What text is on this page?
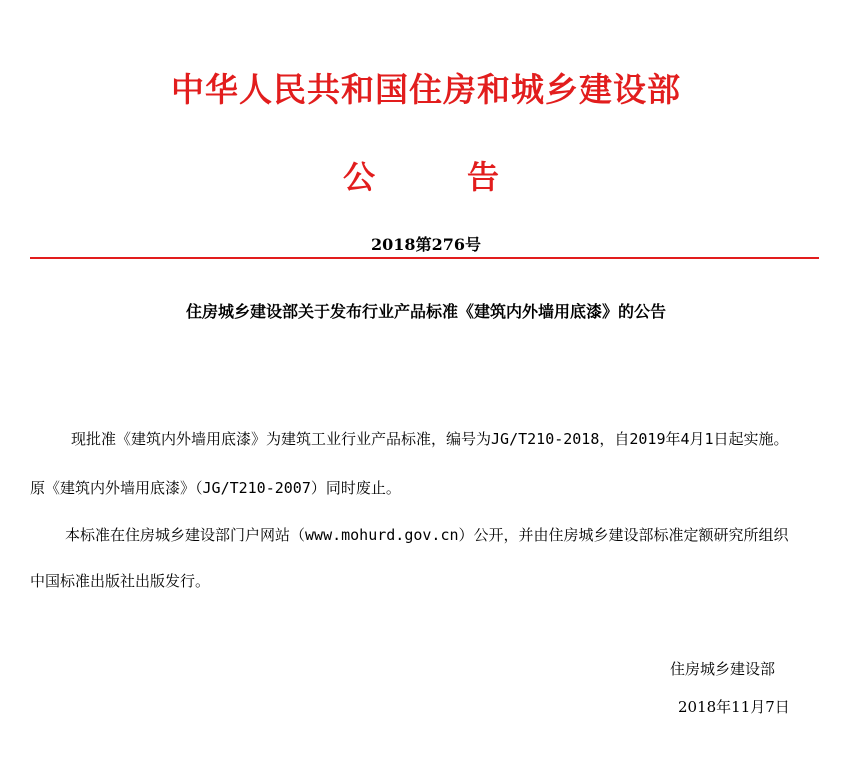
中华人民共和国住房和城乡建设部
公	告
2018第276号
住房城乡建设部关于发布行业产品标准《建筑内外墙用底漆》的公告
现批准《建筑内外墙用底漆》为建筑工业行业产品标准，编号为JG/T210-2018，自2019年4月1日起实施。
原《建筑内外墙用底漆》（JG/T210-2007）同时废止。
本标准在住房城乡建设部门户网站（www.mohurd.gov.cn）公开，并由住房城乡建设部标准定额研究所组织
中国标准出版社出版发行。
住房城乡建设部
2018年11月7日
